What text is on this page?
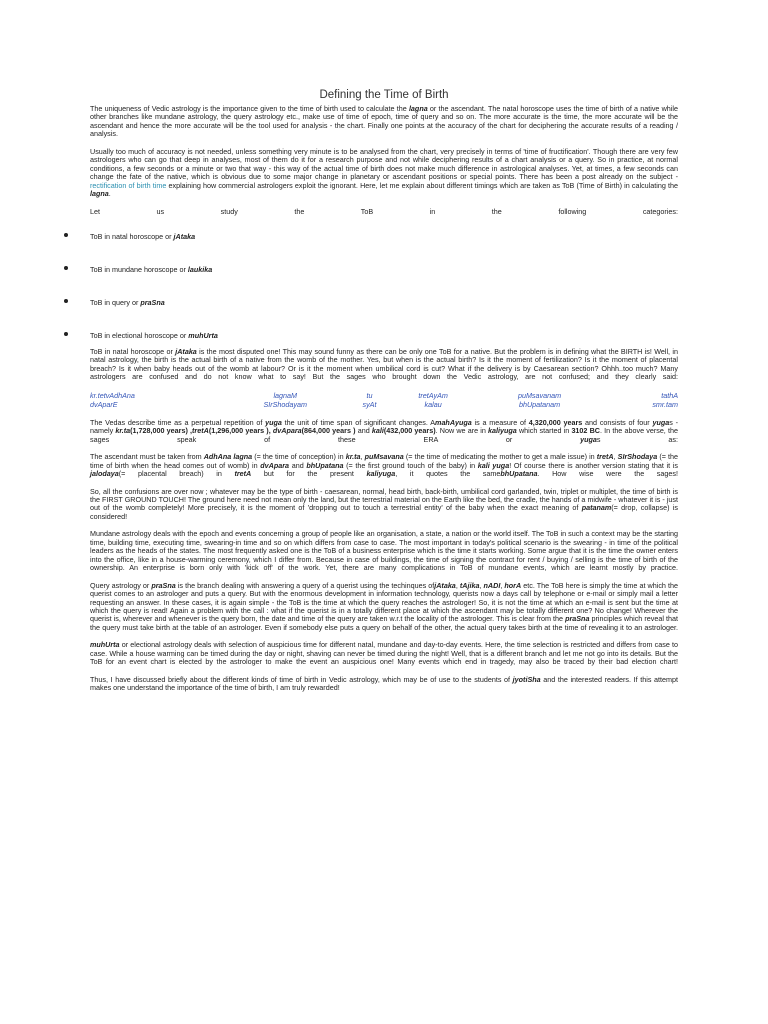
Defining the Time of Birth

The uniqueness of Vedic astrology is the importance given to the time of birth used to calculate the lagna or the ascendant. The natal horoscope uses the time of birth of a native while other branches like mundane astrology, the query astrology etc., make use of time of epoch, time of query and so on. The more accurate is the time, the more accurate will be the ascendant and hence the more accurate will be the tool used for analysis - the chart. Finally one points at the accuracy of the chart for deciphering the accurate results of a reading / analysis.

Usually too much of accuracy is not needed, unless something very minute is to be analysed from the chart, very precisely in terms of 'time of fructification'. Though there are very few astrologers who can go that deep in analyses, most of them do it for a research purpose and not while deciphering results of a chart analysis or a query. So in practice, at normal conditions, a few seconds or a minute or two that way - this way of the actual time of birth does not make much difference in astrological analyses. Yet, at times, a few seconds can change the fate of the native, which is obvious due to some major change in planetary or ascendant positions or special points. There has been a post already on the subject - rectification of birth time explaining how commercial astrologers exploit the ignorant. Here, let me explain about different timings which are taken as ToB (Time of Birth) in calculating the lagna.

Let us study the ToB in the following categories:

ToB in natal horoscope or jAtaka
ToB in mundane horoscope or laukika
ToB in query or praSna
ToB in electional horoscope or muhUrta

ToB in natal horoscope or jAtaka is the most disputed one! This may sound funny as there can be only one ToB for a native. But the problem is in defining what the BIRTH is! Well, in natal astrology, the birth is the actual birth of a native from the womb of the mother. Yes, but when is the actual birth? Is it the moment of fertilization? Is it the moment of placental breach? Is it when baby heads out of the womb at labour? Or is it the moment when umbilical cord is cut? What if the delivery is by Caesarean section? Ohhh..too much? Many astrologers are confused and do not know what to say! But the sages who brought down the Vedic astrology, are not confused; and they clearly said:

kr.tetvAdhAna	lagnaM	tu	tretAyAm	puMsavanam	tathA
dvAparE	SIrShodayam	syAt	kalau	bhUpatanam	smr.tam

The Vedas describe time as a perpetual repetition of yuga the unit of time span of significant changes. AmahAyuga is a measure of 4,320,000 years and consists of four yugas - namely kr.ta(1,728,000 years) ,tretA(1,296,000 years ), dvApara(864,000 years ) and kali(432,000 years). Now we are in kaliyuga which started in 3102 BC. In the above verse, the sages speak of these ERA or yugas as:

The ascendant must be taken from AdhAna lagna (= the time of conception) in kr.ta, puMsavana (= the time of medicating the mother to get a male issue) in tretA, SIrShodaya (= the time of birth when the head comes out of womb) in dvApara and bhUpatana (= the first ground touch of the baby) in kali yuga! Of course there is another version stating that it is jalodaya(= placental breach) in tretA but for the present kaliyuga, it quotes the samebhUpatana. How wise were the sages!

So, all the confusions are over now ; whatever may be the type of birth - caesarean, normal, head birth, back-birth, umbilical cord garlanded, twin, triplet or multiplet, the time of birth is the FIRST GROUND TOUCH! The ground here need not mean only the land, but the terrestrial material on the Earth like the bed, the cradle, the hands of a midwife - whatever it is - just out of the womb completely! More precisely, it is the moment of 'dropping out to touch a terrestrial entity' of the baby when the exact meaning of patanam(= drop, collapse) is considered!

Mundane astrology deals with the epoch and events concerning a group of people like an organisation, a state, a nation or the world itself. The ToB in such a context may be the starting time, building time, executing time, swearing-in time and so on which differs from case to case. The most important in today's political scenario is the swearing - in time of the political leaders as the heads of the states. The most frequently asked one is the ToB of a business enterprise which is the time it starts working. Some argue that it is the time the owner enters into the office, like in a house-warming ceremony, which I differ from. Because in case of buildings, the time of signing the contract for rent / buying / selling is the time of birth of the ownership. An enterprise is born only with 'kick off' of the work. Yet, there are many complications in ToB of mundane events, which are learnt mostly by practice.

Query astrology or praSna is the branch dealing with answering a query of a querist using the techinques ofjAtaka, tAjika, nADI, horA etc. The ToB here is simply the time at which the querist comes to an astrologer and puts a query. But with the enormous development in information technology, querists now a days call by telephone or e-mail or simply mail a letter requesting an answer. In these cases, it is again simple - the ToB is the time at which the query reaches the astrologer! So, it is not the time at which an e-mail is sent but the time at which the query is read! Again a problem with the call : what if the querist is in a totally different place at which the ascendant may be totally different one? No change! Wherever the querist is, wherever and whenever is the query born, the date and time of the query are taken w.r.t the locality of the astrologer. This is clear from the praSna principles which reveal that the query must take birth at the table of an astrologer. Even if somebody else puts a query on behalf of the other, the actual query takes birth at the time of revealing it to an astrologer.

muhUrta or electional astrology deals with selection of auspicious time for different natal, mundane and day-to-day events. Here, the time selection is restricted and differs from case to case. While a house warming can be timed during the day or night, shaving can never be timed during the night! Well, that is a different branch and let me not go into its details. But the ToB for an event chart is elected by the astrologer to make the event an auspicious one! Many events which end in tragedy, may also be traced by their bad election chart!

Thus, I have discussed briefly about the different kinds of time of birth in Vedic astrology, which may be of use to the students of jyotiSha and the interested readers. If this attempt makes one understand the importance of the time of birth, I am truly rewarded!
